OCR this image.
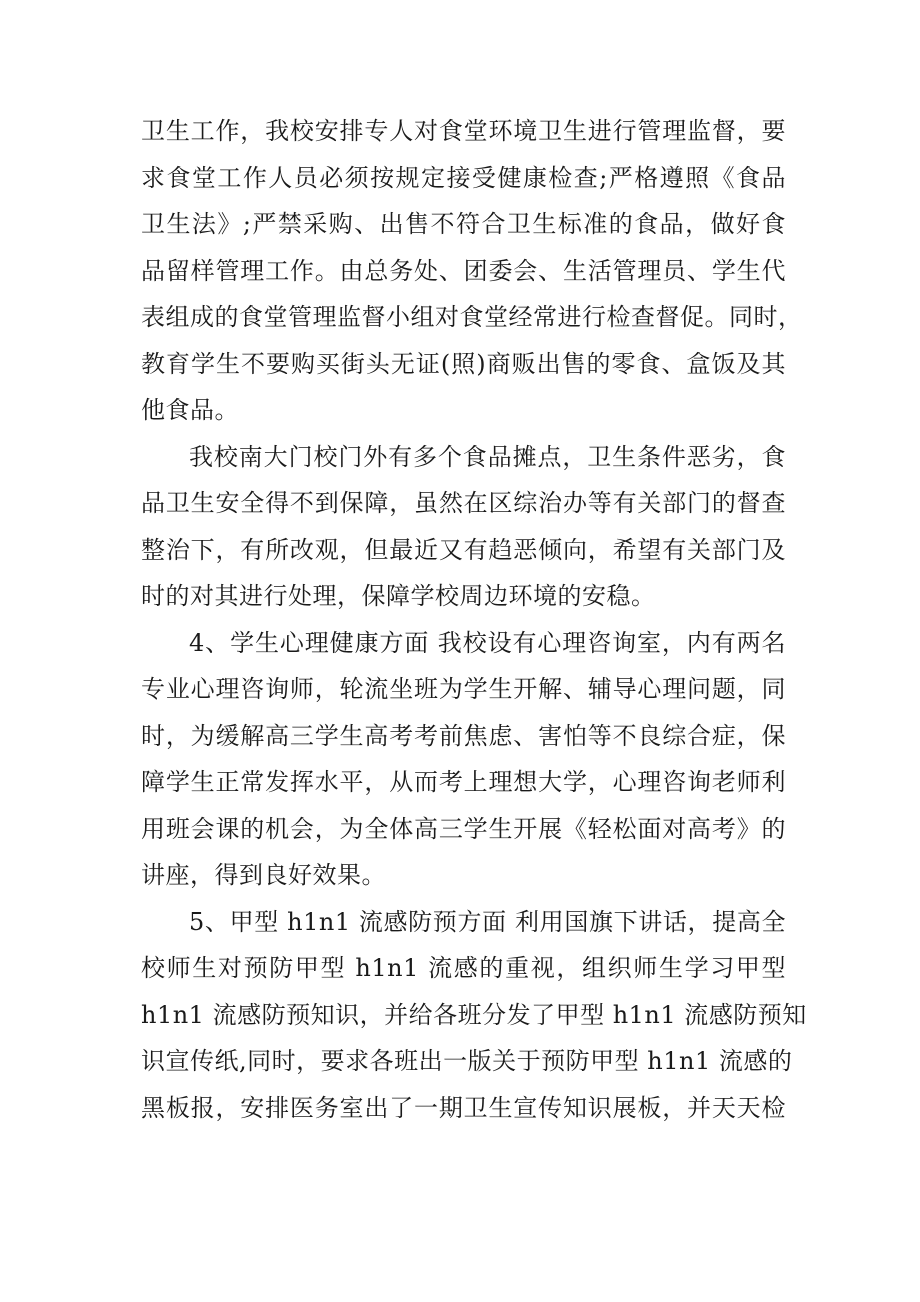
卫生工作，我校安排专人对食堂环境卫生进行管理监督，要
求食堂工作人员必须按规定接受健康检查;严格遵照《食品
卫生法》;严禁采购、出售不符合卫生标准的食品，做好食
品留样管理工作。由总务处、团委会、生活管理员、学生代
表组成的食堂管理监督小组对食堂经常进行检查督促。同时，
教育学生不要购买街头无证(照)商贩出售的零食、盒饭及其
他食品。
我校南大门校门外有多个食品摊点，卫生条件恶劣，食
品卫生安全得不到保障，虽然在区综治办等有关部门的督查
整治下，有所改观，但最近又有趋恶倾向，希望有关部门及
时的对其进行处理，保障学校周边环境的安稳。
4、学生心理健康方面 我校设有心理咨询室，内有两名
专业心理咨询师，轮流坐班为学生开解、辅导心理问题，同
时，为缓解高三学生高考考前焦虑、害怕等不良综合症，保
障学生正常发挥水平，从而考上理想大学，心理咨询老师利
用班会课的机会，为全体高三学生开展《轻松面对高考》的
讲座，得到良好效果。
5、甲型 h1n1 流感防预方面 利用国旗下讲话，提高全
校师生对预防甲型 h1n1 流感的重视，组织师生学习甲型
h1n1 流感防预知识，并给各班分发了甲型 h1n1 流感防预知
识宣传纸,同时，要求各班出一版关于预防甲型 h1n1 流感的
黑板报，安排医务室出了一期卫生宣传知识展板，并天天检
